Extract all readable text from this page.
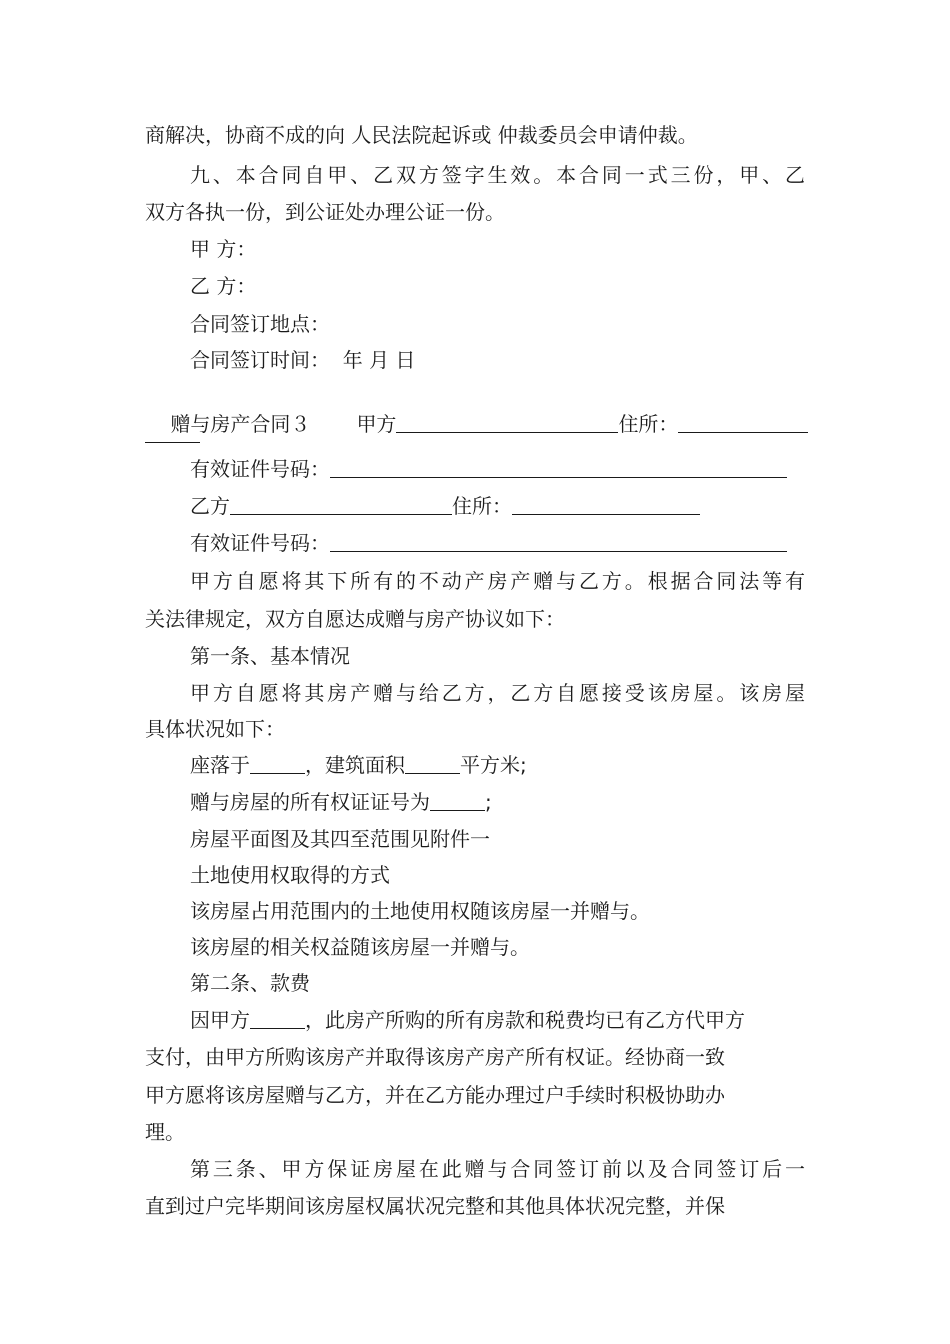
商解决，协商不成的向 人民法院起诉或 仲裁委员会申请仲裁。
九、本合同自甲、乙双方签字生效。本合同一式三份，甲、乙
双方各执一份，到公证处办理公证一份。
甲 方：
乙 方：
合同签订地点：
合同签订时间：  年 月 日

赠与房产合同３ 甲方	住所：

有效证件号码：
乙方	住所：
有效证件号码：
甲方自愿将其下所有的不动产房产赠与乙方。根据合同法等有
关法律规定，双方自愿达成赠与房产协议如下：
第一条、基本情况
甲方自愿将其房产赠与给乙方，乙方自愿接受该房屋。该房屋
具体状况如下：
座落于	，建筑面积	平方米;
赠与房屋的所有权证证号为	;
房屋平面图及其四至范围见附件一
土地使用权取得的方式
该房屋占用范围内的土地使用权随该房屋一并赠与。
该房屋的相关权益随该房屋一并赠与。
第二条、款费
因甲方	，此房产所购的所有房款和税费均已有乙方代甲方
支付，由甲方所购该房产并取得该房产房产所有权证。经协商一致
甲方愿将该房屋赠与乙方，并在乙方能办理过户手续时积极协助办
理。
第三条、甲方保证房屋在此赠与合同签订前以及合同签订后一
直到过户完毕期间该房屋权属状况完整和其他具体状况完整，并保
